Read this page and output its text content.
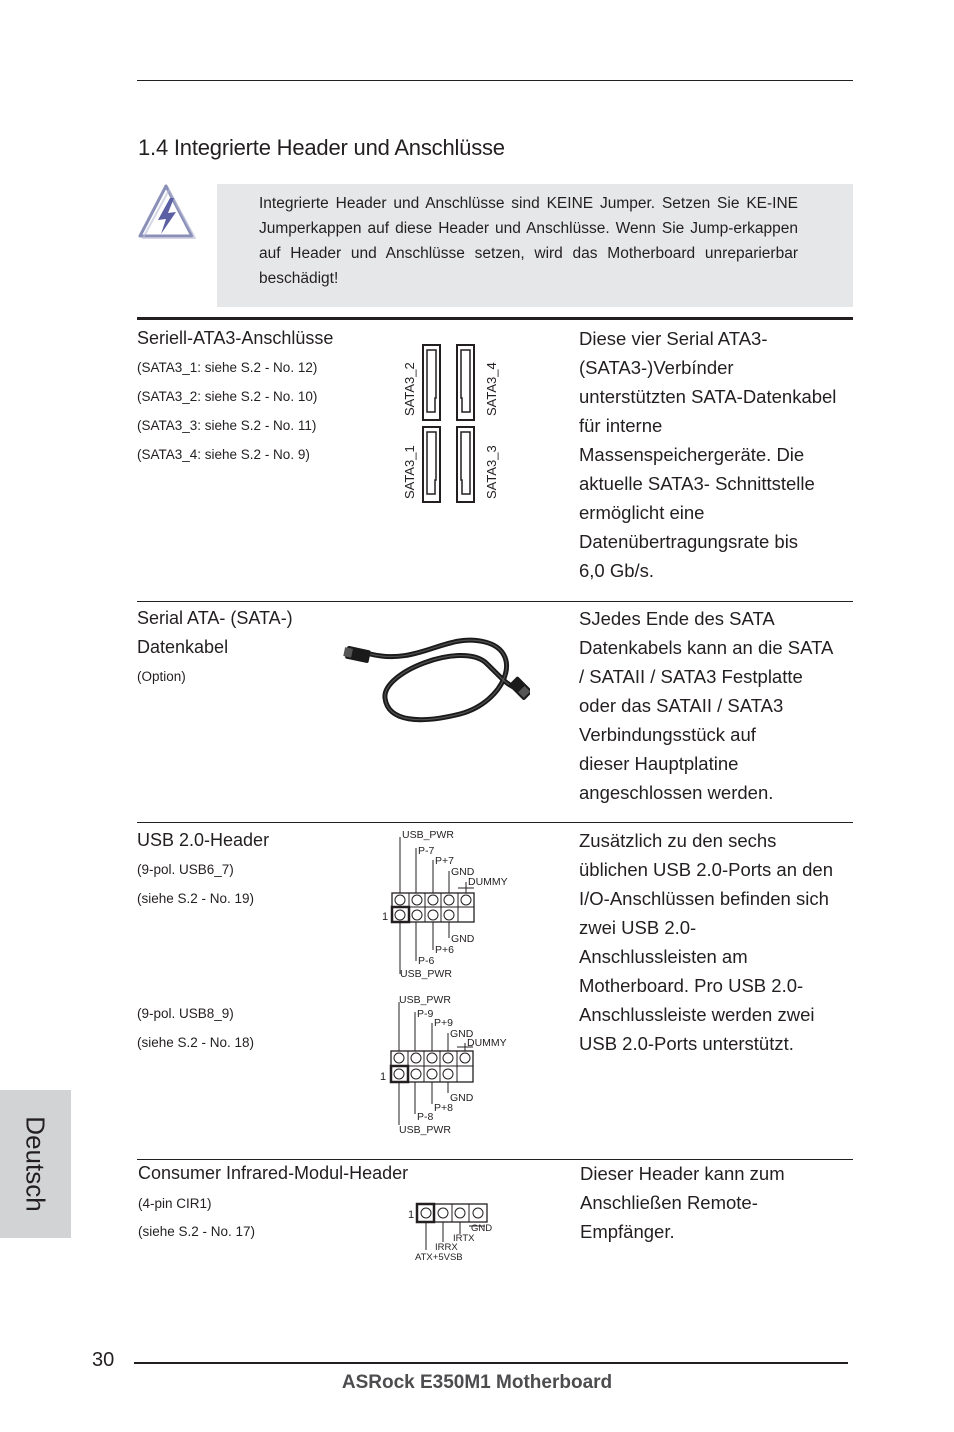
1.4 Integrierte Header und Anschlüsse
Integrierte Header und Anschlüsse sind KEINE Jumper. Setzen Sie KE-INE Jumperkappen auf diese Header und Anschlüsse. Wenn Sie Jump-erkappen auf Header und Anschlüsse setzen, wird das Motherboard unreparierbar beschädigt!
Seriell-ATA3-Anschlüsse
(SATA3_1: siehe S.2 - No. 12)
(SATA3_2: siehe S.2 - No. 10)
(SATA3_3: siehe S.2 - No. 11)
(SATA3_4: siehe S.2 - No. 9)
SATA3_2	SATA3_4
SATA3_1	SATA3_3
Diese vier Serial ATA3-
(SATA3-)Verbínder
unterstützten SATA-Datenkabel
für interne
Massenspeichergeräte. Die
aktuelle SATA3- Schnittstelle
ermöglicht eine
Datenübertragungsrate bis
6,0 Gb/s.
Serial ATA- (SATA-)
Datenkabel
(Option)
SJedes Ende des SATA
Datenkabels kann an die SATA
/ SATAII / SATA3 Festplatte
oder das SATAII / SATA3
Verbindungsstück auf
dieser Hauptplatine
angeschlossen werden.
USB 2.0-Header
(9-pol. USB6_7)
(siehe S.2 - No. 19)
(9-pol. USB8_9)
(siehe S.2 - No. 18)
USB_PWR
P-7
P+7
GND
DUMMY
1
GND
P+6
P-6
USB_PWR
USB_PWR
P-9
P+9
GND
DUMMY
1
GND
P+8
P-8
USB_PWR
Zusätzlich zu den sechs
üblichen USB 2.0-Ports an den
I/O-Anschlüssen befinden sich
zwei USB 2.0-
Anschlussleisten am
Motherboard. Pro USB 2.0-
Anschlussleiste werden zwei
USB 2.0-Ports unterstützt.
Consumer Infrared-Modul-Header
(4-pin CIR1)
(siehe S.2 - No. 17)
1
GND
IRTX
IRRX
ATX+5VSB
Dieser Header kann zum
Anschließen Remote-
Empfänger.
Deutsch
30
ASRock E350M1 Motherboard
